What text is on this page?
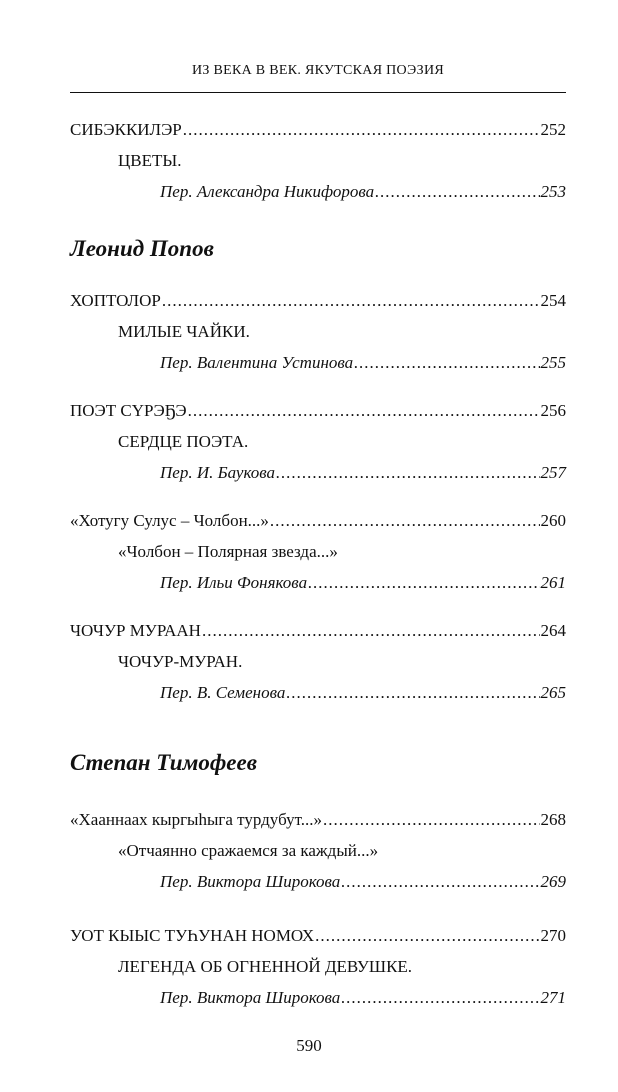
ИЗ ВЕКА В ВЕК. ЯКУТСКАЯ ПОЭЗИЯ
СИБЭККИЛЭР .....	252
ЦВЕТЫ.
Пер. Александра Никифорова .....	253
Леонид Попов
ХОПТОЛОР .....	254
МИЛЫЕ ЧАЙКИ.
Пер. Валентина Устинова .....	255
ПОЭТ СҮРЭҔЭ .....	256
СЕРДЦЕ ПОЭТА.
Пер. И. Баукова .....	257
«Хотугу Сулус – Чолбон...» .....	260
«Чолбон – Полярная звезда...»
Пер. Ильи Фонякова .....	261
ЧОЧУР МУРААН .....	264
ЧОЧУР-МУРАН.
Пер. В. Семенова .....	265
Степан Тимофеев
«Хааннаах кыргыһыга турдубут...» .....	268
«Отчаянно сражаемся за каждый...»
Пер. Виктора Широкова .....	269
УОТ КЫЫС ТУҺУНАН НОМОХ .....	270
ЛЕГЕНДА ОБ ОГНЕННОЙ ДЕВУШКЕ.
Пер. Виктора Широкова .....	271
590
